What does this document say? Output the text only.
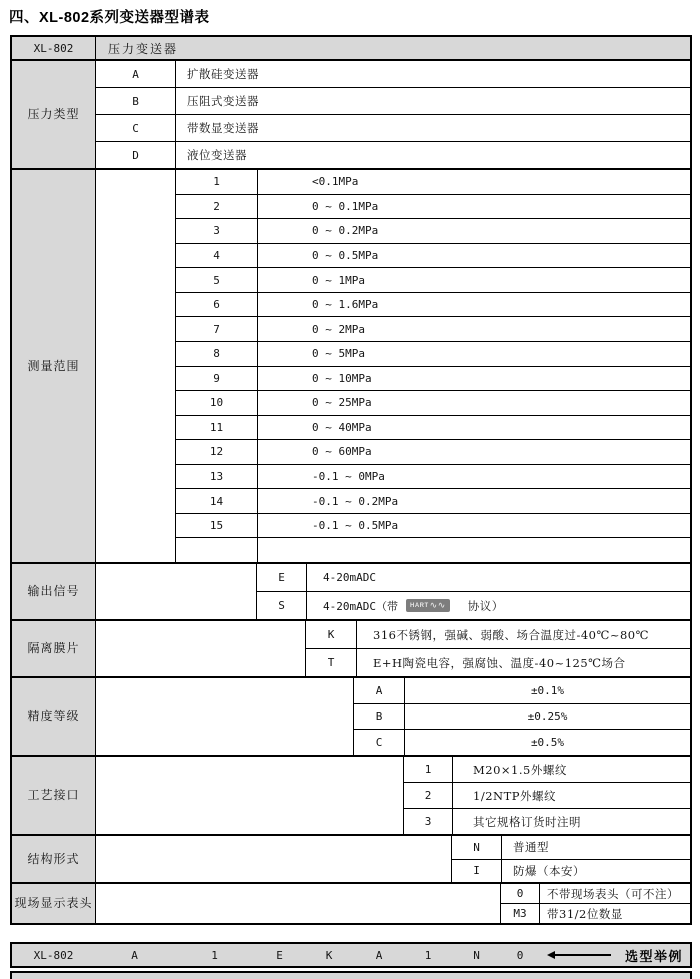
四、XL-802系列变送器型谱表
XL-802	压力变送器
压力类型
A	扩散硅变送器
B	压阻式变送器
C	带数显变送器
D	液位变送器
测量范围
1	<0.1MPa
2	0 ~ 0.1MPa
3	0 ~ 0.2MPa
4	0 ~ 0.5MPa
5	0 ~ 1MPa
6	0 ~ 1.6MPa
7	0 ~ 2MPa
8	0 ~ 5MPa
9	0 ~ 10MPa
10	0 ~ 25MPa
11	0 ~ 40MPa
12	0 ~ 60MPa
13	-0.1 ~ 0MPa
14	-0.1 ~ 0.2MPa
15	-0.1 ~ 0.5MPa
输出信号
E	4-20mADC
S	4-20mADC（带 HART ∿∿ 协议）
隔离膜片
K	316不锈钢，强碱、弱酸、场合温度过-40℃~80℃
T	E+H陶瓷电容，强腐蚀、温度-40~125℃场合
精度等级
A	±0.1%
B	±0.25%
C	±0.5%
工艺接口
1	M20×1.5外螺纹
2	1/2NTP外螺纹
3	其它规格订货时注明
结构形式
N	普通型
I	防爆（本安）
现场显示表头
0	不带现场表头（可不注）
M3	带31/2位数显
XL-802	A	1	E	K	A	1	N	0	选型举例
